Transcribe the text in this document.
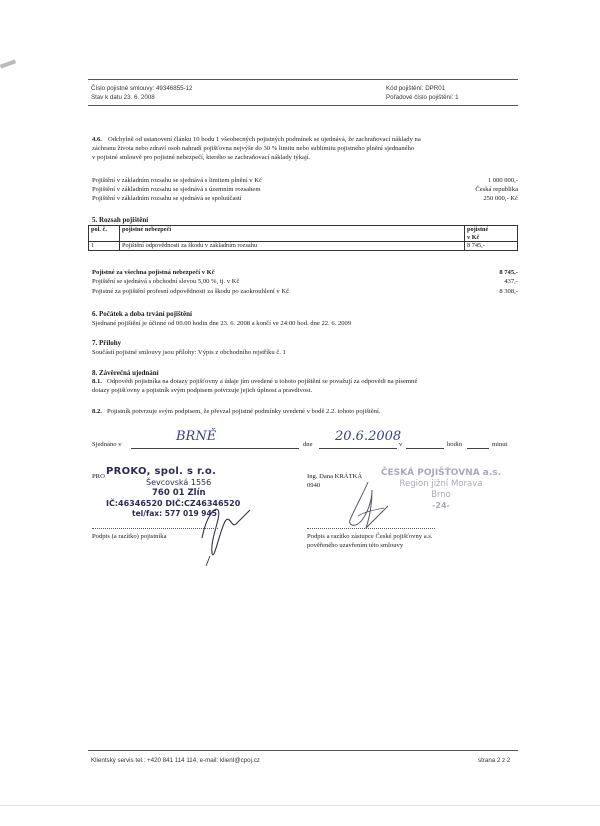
Číslo pojistné smlouvy: 49346855-12
Stav k datu 23. 6. 2008
Kód pojištění: DPR01
Pořadové číslo pojištění: 1
4.6. Odchylně od ustanovení článku 10 bodu 1 všeobecných pojistných podmínek se ujednává, že zachraňovací náklady na
záchranu života nebo zdraví osob nahradí pojišťovna nejvýše do 30 % limitu nebo sublimitu pojistného plnění sjednaného
v pojistné smlouvě pro pojistné nebezpečí, kterého se zachraňovací náklady týkají.
Pojištění v základním rozsahu se sjednává s limitem plnění v Kč	1 000 000,-
Pojištění v základním rozsahu se sjednává s územním rozsahem	Česká republika
Pojištění v základním rozsahu se sjednává se spoluúčastí	250 000,- Kč
5. Rozsah pojištění
pol. č.	pojistné nebezpečí	pojistné
v Kč
1	Pojištění odpovědnosti za škodu v základním rozsahu	8 745,-
Pojistné za všechna pojistná nebezpečí v Kč	8 745,-
Pojištění se sjednává s obchodní slevou 5,00 %, tj. v Kč	437,-
Pojistné za pojištění profesní odpovědnosti za škodu po zaokrouhlení v Kč	8 308,-
6. Počátek a doba trvání pojištění
Sjednané pojištění je účinné od 00.00 hodin dne 23. 6. 2008 a končí ve 24:00 hod. dne 22. 6. 2009
7. Přílohy
Součástí pojistné smlouvy jsou přílohy: Výpis z obchodního rejstříku č. 1
8. Závěrečná ujednání
8.1. Odpovědi pojistníka na dotazy pojišťovny a údaje jím uvedené u tohoto pojištění se považují za odpovědi na písemné
dotazy pojišťovny a pojistník svým podpisem potvrzuje jejich úplnost a pravdivost.
8.2. Pojistník potvrzuje svým podpisem, že převzal pojistné podmínky uvedené v bodě 2.2. tohoto pojištění.
Sjednáno v
BRNĚ
dne
20.6.2008
v	hodin	minut
PRO PROKO, spol. s r.o.
Ševcovská 1556
760 01 Zlín
IČ:46346520 DIČ:CZ46346520
tel/fax: 577 019 945
Podpis (a razítko) pojistníka
Ing. Dana KRÁTKÁ
0940
ČESKÁ POJIŠŤOVNA a.s.
Region jižní Morava
Brno
-24-
Podpis a razítko zástupce České pojišťovny a.s.
pověřeného uzavřením této smlouvy
Klientský servis tel.: +420 841 114 114, e-mail: klient@cpoj.cz	strana 2 z 2
